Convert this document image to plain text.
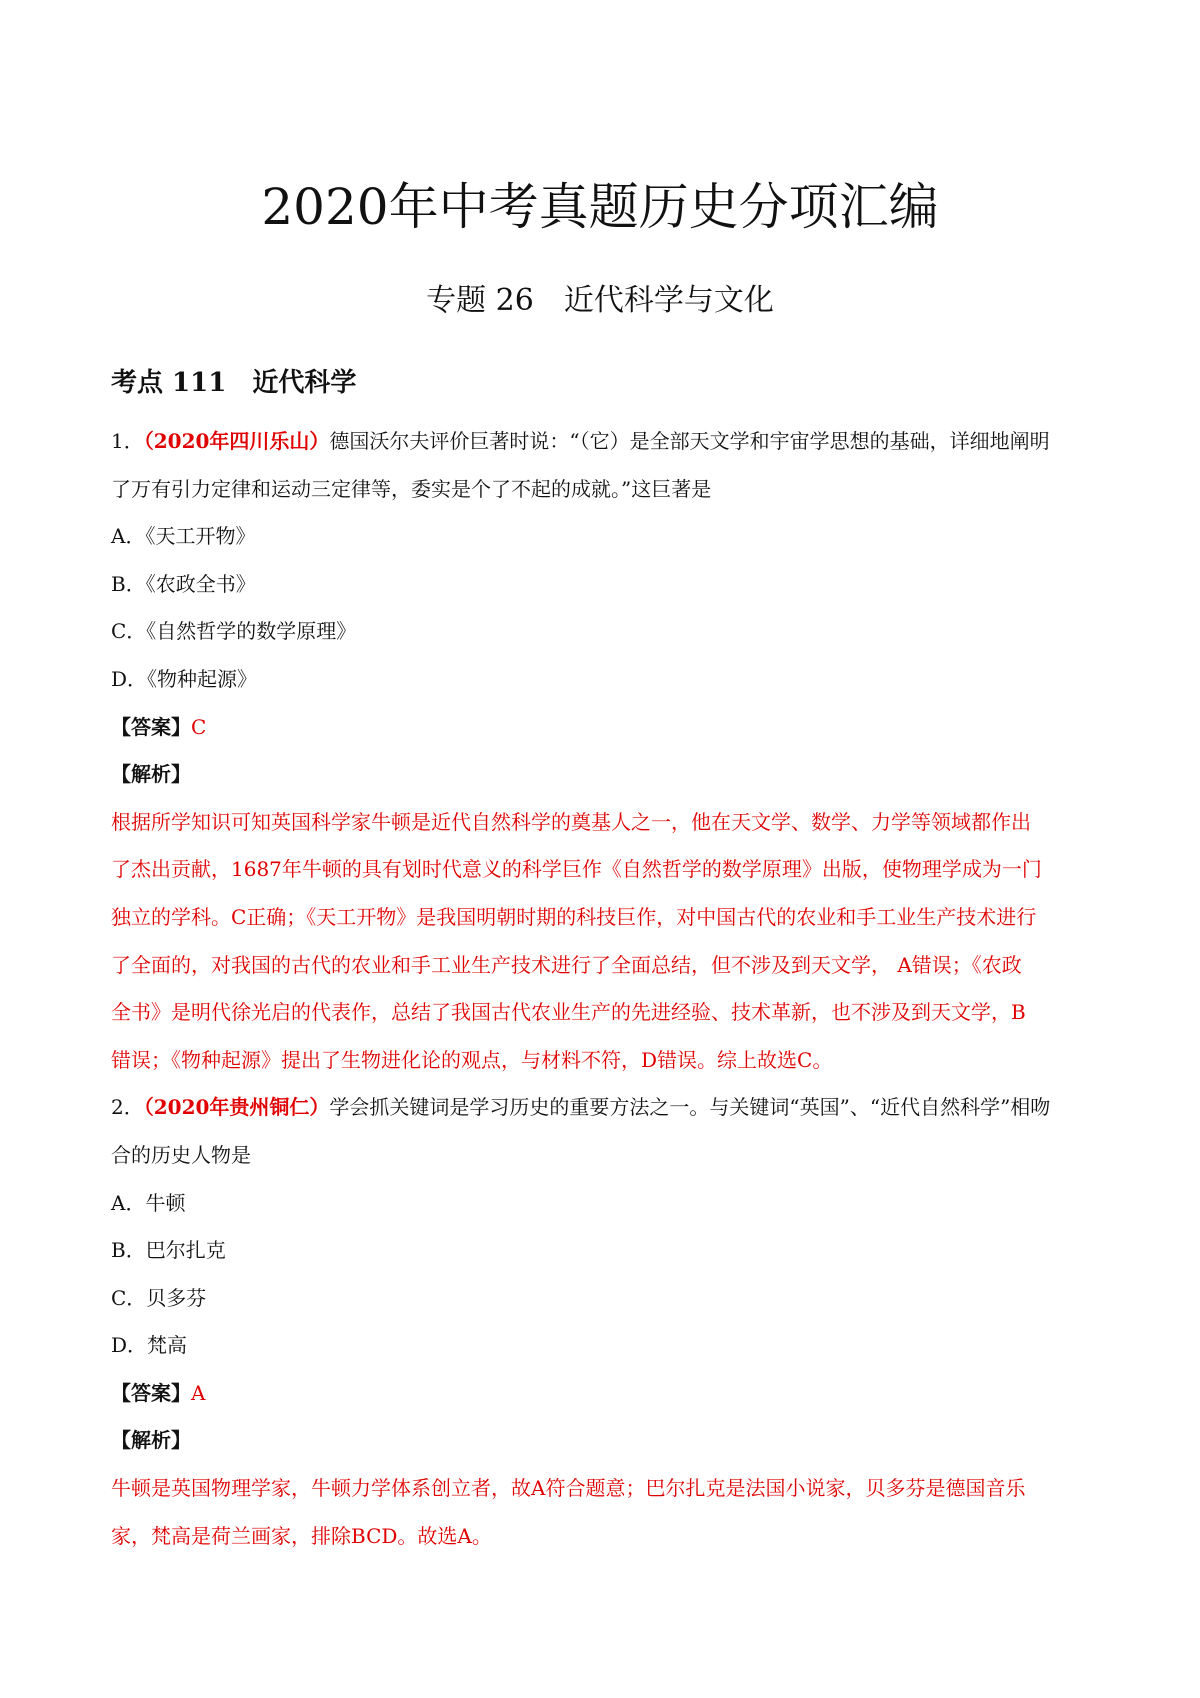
2020年中考真题历史分项汇编
专题 26　近代科学与文化
考点 111　近代科学
1．（2020年四川乐山）德国沃尔夫评价巨著时说：“（它）是全部天文学和宇宙学思想的基础，详细地阐明
了万有引力定律和运动三定律等，委实是个了不起的成就。”这巨著是
A．《天工开物》
B．《农政全书》
C．《自然哲学的数学原理》
D．《物种起源》
【答案】C
【解析】
根据所学知识可知英国科学家牛顿是近代自然科学的奠基人之一，他在天文学、数学、力学等领域都作出
了杰出贡献，1687年牛顿的具有划时代意义的科学巨作《自然哲学的数学原理》出版，使物理学成为一门
独立的学科。C正确；《天工开物》是我国明朝时期的科技巨作，对中国古代的农业和手工业生产技术进行
了全面的，对我国的古代的农业和手工业生产技术进行了全面总结，但不涉及到天文学， A错误；《农政
全书》是明代徐光启的代表作，总结了我国古代农业生产的先进经验、技术革新，也不涉及到天文学，B
错误；《物种起源》提出了生物进化论的观点，与材料不符，D错误。综上故选C。
2．（2020年贵州铜仁）学会抓关键词是学习历史的重要方法之一。与关键词“英国”、“近代自然科学”相吻
合的历史人物是
A．牛顿
B．巴尔扎克
C．贝多芬
D．梵高
【答案】A
【解析】
牛顿是英国物理学家，牛顿力学体系创立者，故A符合题意；巴尔扎克是法国小说家，贝多芬是德国音乐
家，梵高是荷兰画家，排除BCD。故选A。
